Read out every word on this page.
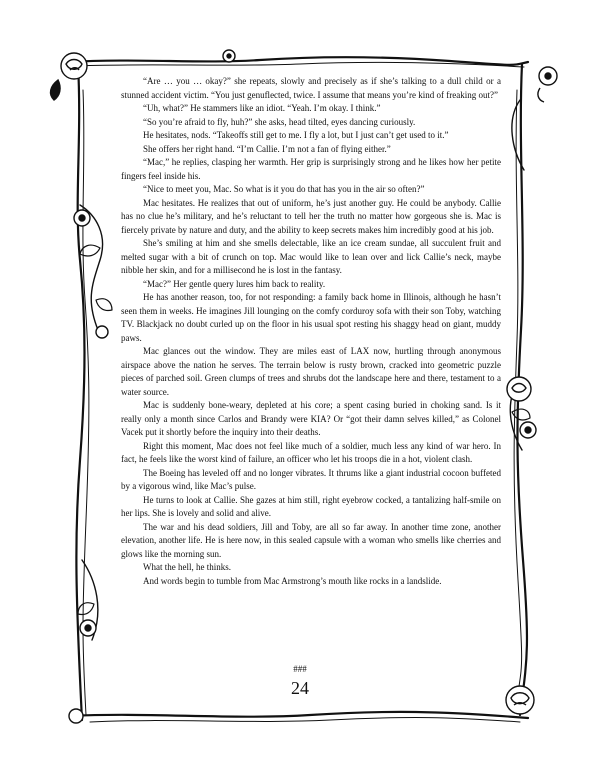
“Are … you … okay?” she repeats, slowly and precisely as if she’s talking to a dull child or a stunned accident victim. “You just genuflected, twice. I assume that means you’re kind of freaking out?”

“Uh, what?” He stammers like an idiot. “Yeah. I’m okay. I think.”

“So you’re afraid to fly, huh?” she asks, head tilted, eyes dancing curiously.

He hesitates, nods. “Takeoffs still get to me. I fly a lot, but I just can’t get used to it.”

She offers her right hand. “I’m Callie. I’m not a fan of flying either.”

“Mac,” he replies, clasping her warmth. Her grip is surprisingly strong and he likes how her petite fingers feel inside his.

“Nice to meet you, Mac. So what is it you do that has you in the air so often?”

Mac hesitates. He realizes that out of uniform, he’s just another guy. He could be anybody. Callie has no clue he’s military, and he’s reluctant to tell her the truth no matter how gorgeous she is. Mac is fiercely private by nature and duty, and the ability to keep secrets makes him incredibly good at his job.

She’s smiling at him and she smells delectable, like an ice cream sundae, all succulent fruit and melted sugar with a bit of crunch on top. Mac would like to lean over and lick Callie’s neck, maybe nibble her skin, and for a millisecond he is lost in the fantasy.

“Mac?” Her gentle query lures him back to reality.

He has another reason, too, for not responding: a family back home in Illinois, although he hasn’t seen them in weeks. He imagines Jill lounging on the comfy corduroy sofa with their son Toby, watching TV. Blackjack no doubt curled up on the floor in his usual spot resting his shaggy head on giant, muddy paws.

Mac glances out the window. They are miles east of LAX now, hurtling through anonymous airspace above the nation he serves. The terrain below is rusty brown, cracked into geometric puzzle pieces of parched soil. Green clumps of trees and shrubs dot the landscape here and there, testament to a water source.

Mac is suddenly bone-weary, depleted at his core; a spent casing buried in choking sand. Is it really only a month since Carlos and Brandy were KIA? Or “got their damn selves killed,” as Colonel Vacek put it shortly before the inquiry into their deaths.

Right this moment, Mac does not feel like much of a soldier, much less any kind of war hero. In fact, he feels like the worst kind of failure, an officer who let his troops die in a hot, violent clash.

The Boeing has leveled off and no longer vibrates. It thrums like a giant industrial cocoon buffeted by a vigorous wind, like Mac’s pulse.

He turns to look at Callie. She gazes at him still, right eyebrow cocked, a tantalizing half-smile on her lips. She is lovely and solid and alive.

The war and his dead soldiers, Jill and Toby, are all so far away. In another time zone, another elevation, another life. He is here now, in this sealed capsule with a woman who smells like cherries and glows like the morning sun.

What the hell, he thinks.

And words begin to tumble from Mac Armstrong’s mouth like rocks in a landslide.

###
24
